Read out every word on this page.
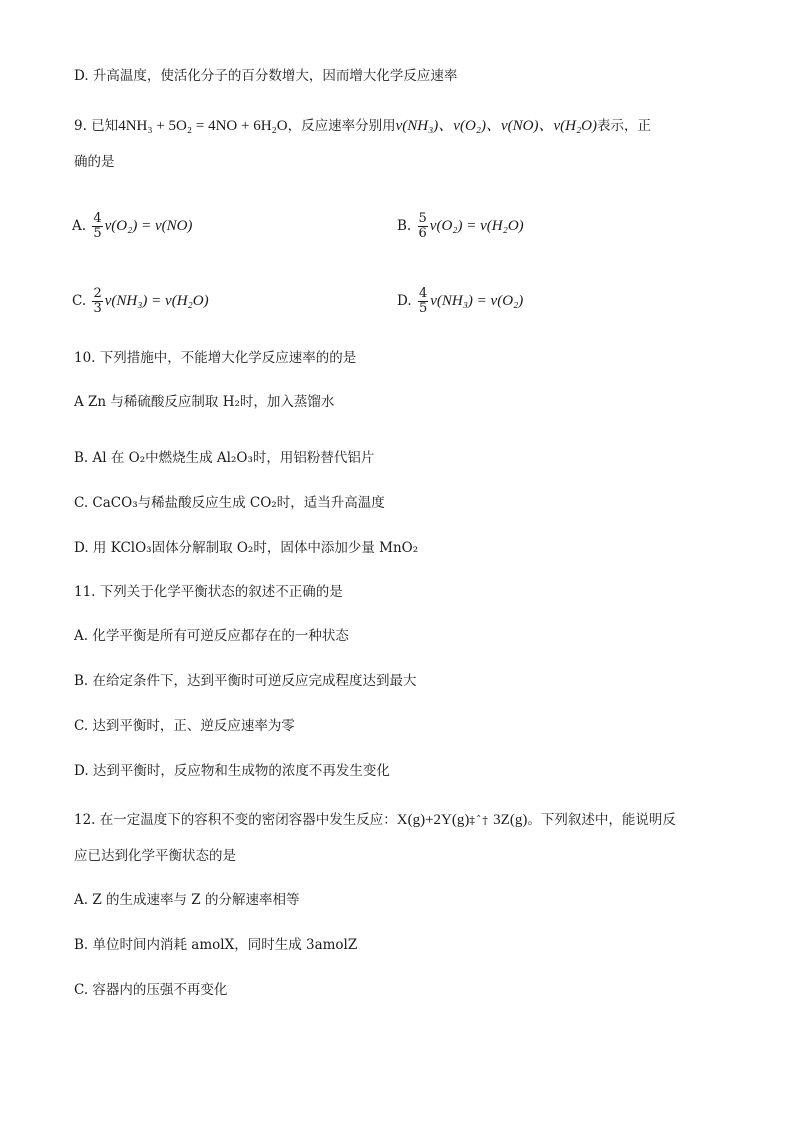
D. 升高温度，使活化分子的百分数增大，因而增大化学反应速率
9. 已知4NH₃ + 5O₂ = 4NO + 6H₂O，反应速率分别用v(NH₃)、v(O₂)、v(NO)、v(H₂O)表示，正
确的是
A. $\frac{4}{5} v(O_2) = v(NO)$	B. $\frac{5}{6} v(O_2) = v(H_2O)$
C. $\frac{2}{3} v(NH_3) = v(H_2O)$	D. $\frac{4}{5} v(NH_3) = v(O_2)$
10. 下列措施中，不能增大化学反应速率的的是
A Zn 与稀硫酸反应制取 H₂时，加入蒸馏水
B. Al 在 O₂中燃烧生成 Al₂O₃时，用铝粉替代铝片
C. CaCO₃与稀盐酸反应生成 CO₂时，适当升高温度
D. 用 KClO₃固体分解制取 O₂时，固体中添加少量 MnO₂
11. 下列关于化学平衡状态的叙述不正确的是
A. 化学平衡是所有可逆反应都存在的一种状态
B. 在给定条件下，达到平衡时可逆反应完成程度达到最大
C. 达到平衡时，正、逆反应速率为零
D. 达到平衡时，反应物和生成物的浓度不再发生变化
12. 在一定温度下的容积不变的密闭容器中发生反应：X(g)+2Y(g)‡ˆ† 3Z(g)。下列叙述中，能说明反
应已达到化学平衡状态的是
A. Z 的生成速率与 Z 的分解速率相等
B. 单位时间内消耗 amolX，同时生成 3amolZ
C. 容器内的压强不再变化
